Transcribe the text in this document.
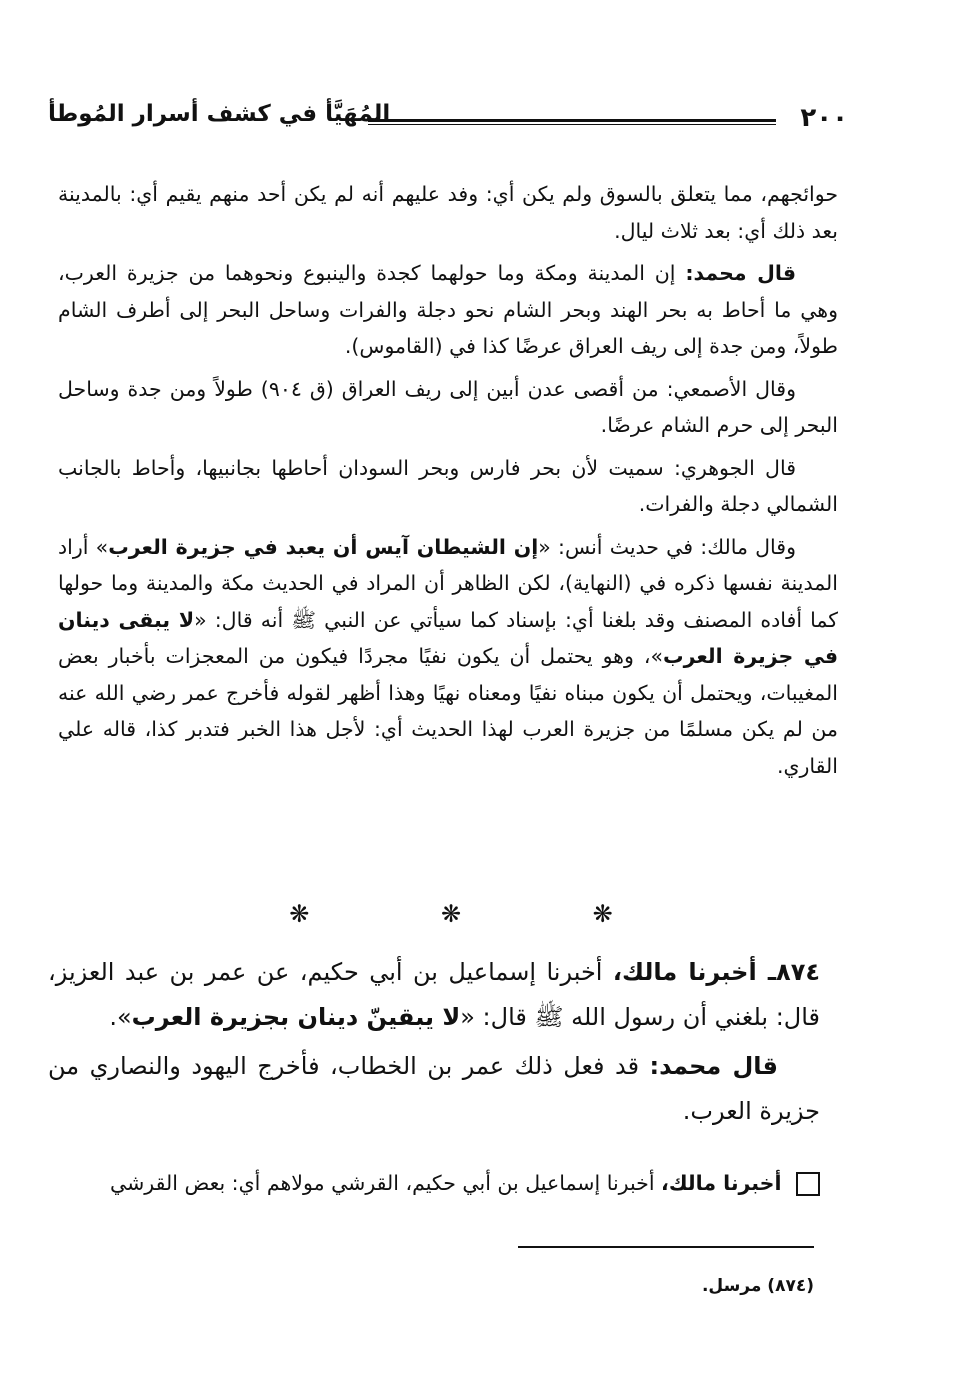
٢٠٠
المُهَيَّأ في كشف أسرار المُوطأ

حوائجهم، مما يتعلق بالسوق ولم يكن أي: وفد عليهم أنه لم يكن أحد منهم يقيم أي: بالمدينة بعد ذلك أي: بعد ثلاث ليال.

قال محمد: إن المدينة ومكة وما حولهما كجدة والينبوع ونحوهما من جزيرة العرب، وهي ما أحاط به بحر الهند وبحر الشام نحو دجلة والفرات وساحل البحر إلى أطرف الشام طولاً، ومن جدة إلى ريف العراق عرضًا كذا في (القاموس).

وقال الأصمعي: من أقصى عدن أبين إلى ريف العراق (ق ٩٠٤) طولاً ومن جدة وساحل البحر إلى حرم الشام عرضًا.

قال الجوهري: سميت لأن بحر فارس وبحر السودان أحاطها بجانبيها، وأحاط بالجانب الشمالي دجلة والفرات.

وقال مالك: في حديث أنس: «إن الشيطان آيس أن يعبد في جزيرة العرب» أراد المدينة نفسها ذكره في (النهاية)، لكن الظاهر أن المراد في الحديث مكة والمدينة وما حولها كما أفاده المصنف وقد بلغنا أي: بإسناد كما سيأتي عن النبي ﷺ أنه قال: «لا يبقى دينان في جزيرة العرب»، وهو يحتمل أن يكون نفيًا مجردًا فيكون من المعجزات بأخبار بعض المغيبات، ويحتمل أن يكون مبناه نفيًا ومعناه نهيًا وهذا أظهر لقوله فأخرج عمر رضي الله عنه من لم يكن مسلمًا من جزيرة العرب لهذا الحديث أي: لأجل هذا الخبر فتدبر كذا، قاله علي القاري.

❋ ❋ ❋

٨٧٤ـ أخبرنا مالك، أخبرنا إسماعيل بن أبي حكيم، عن عمر بن عبد العزيز، قال: بلغني أن رسول الله ﷺ قال: «لا يبقينّ دينان بجزيرة العرب».

قال محمد: قد فعل ذلك عمر بن الخطاب، فأخرج اليهود والنصاري من جزيرة العرب.

أخبرنا مالك، أخبرنا إسماعيل بن أبي حكيم، القرشي مولاهم أي: بعض القرشي
(٨٧٤) مرسل.
